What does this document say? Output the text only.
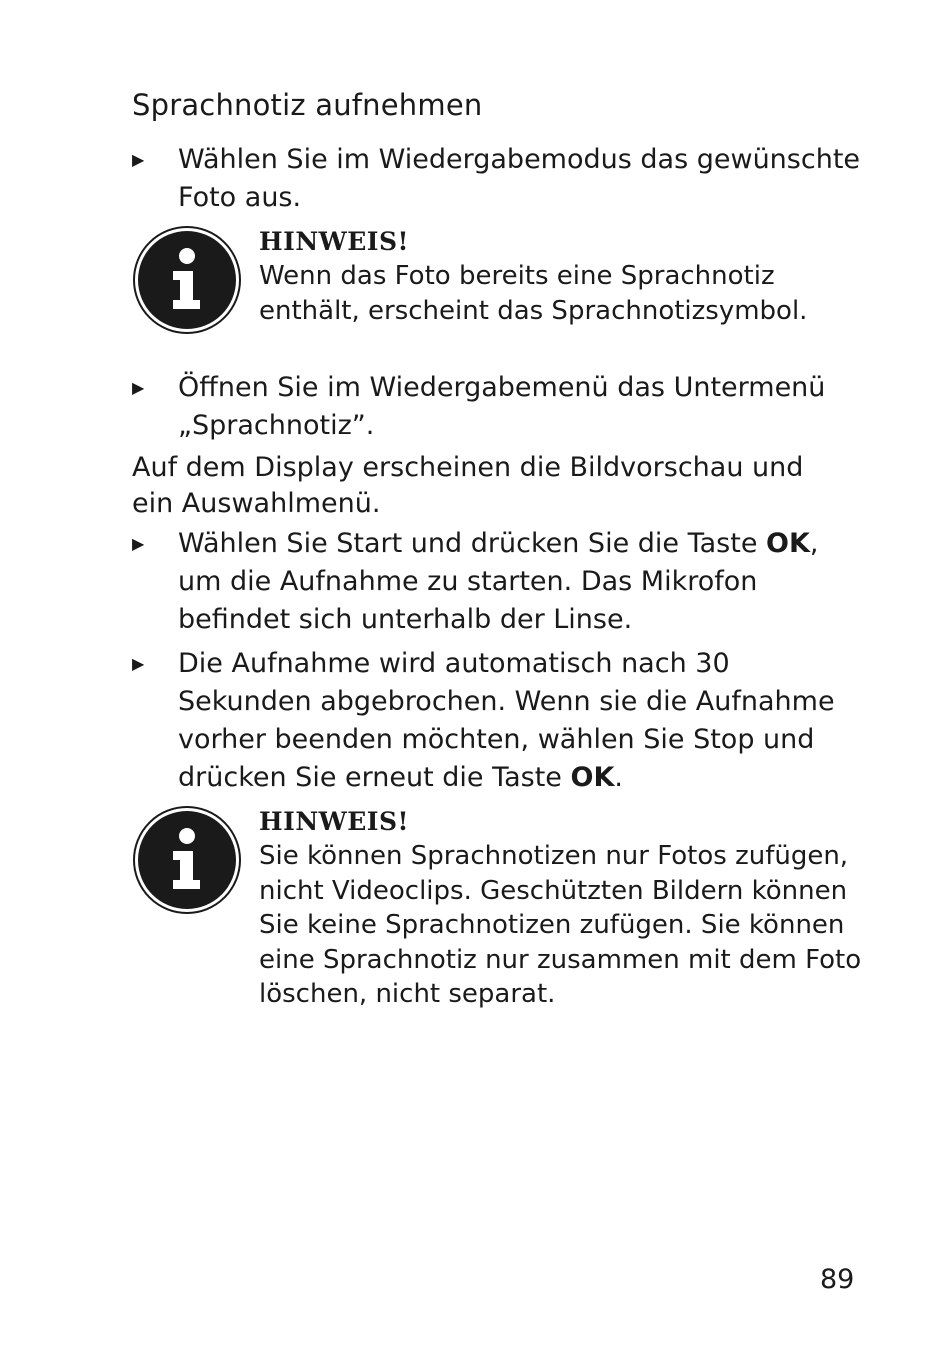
Sprachnotiz aufnehmen
▶ Wählen Sie im Wiedergabemodus das gewünschte Foto aus.
HINWEIS!
Wenn das Foto bereits eine Sprachnotiz enthält, erscheint das Sprachnotizsymbol.
▶ Öffnen Sie im Wiedergabemenü das Untermenü „Sprachnotiz”.
Auf dem Display erscheinen die Bildvorschau und ein Auswahlmenü.
▶ Wählen Sie Start und drücken Sie die Taste OK, um die Aufnahme zu starten. Das Mikrofon befindet sich unterhalb der Linse.
▶ Die Aufnahme wird automatisch nach 30 Sekunden abgebrochen. Wenn sie die Aufnahme vorher beenden möchten, wählen Sie Stop und drücken Sie erneut die Taste OK.
HINWEIS!
Sie können Sprachnotizen nur Fotos zufügen, nicht Videoclips. Geschützten Bildern können Sie keine Sprachnotizen zufügen. Sie können eine Sprachnotiz nur zusammen mit dem Foto löschen, nicht separat.
89
